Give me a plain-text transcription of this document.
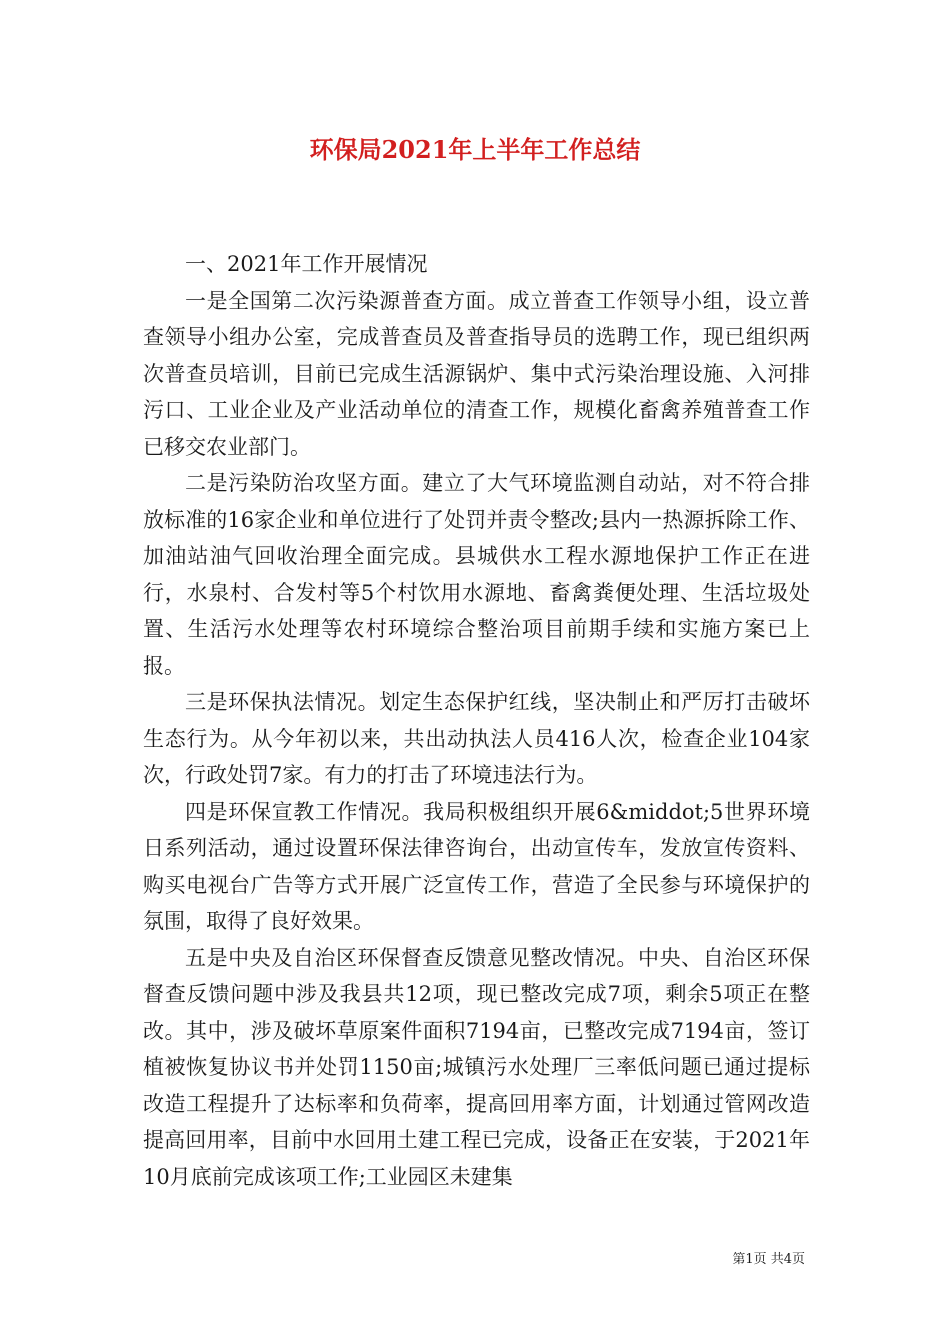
环保局2021年上半年工作总结

一、2021年工作开展情况

一是全国第二次污染源普查方面。成立普查工作领导小组，设立普查领导小组办公室，完成普查员及普查指导员的选聘工作，现已组织两次普查员培训，目前已完成生活源锅炉、集中式污染治理设施、入河排污口、工业企业及产业活动单位的清查工作，规模化畜禽养殖普查工作已移交农业部门。

二是污染防治攻坚方面。建立了大气环境监测自动站，对不符合排放标准的16家企业和单位进行了处罚并责令整改;县内一热源拆除工作、加油站油气回收治理全面完成。县城供水工程水源地保护工作正在进行，水泉村、合发村等5个村饮用水源地、畜禽粪便处理、生活垃圾处置、生活污水处理等农村环境综合整治项目前期手续和实施方案已上报。

三是环保执法情况。划定生态保护红线，坚决制止和严厉打击破坏生态行为。从今年初以来，共出动执法人员416人次，检查企业104家次，行政处罚7家。有力的打击了环境违法行为。

四是环保宣教工作情况。我局积极组织开展6&middot;5世界环境日系列活动，通过设置环保法律咨询台，出动宣传车，发放宣传资料、购买电视台广告等方式开展广泛宣传工作，营造了全民参与环境保护的氛围，取得了良好效果。

五是中央及自治区环保督查反馈意见整改情况。中央、自治区环保督查反馈问题中涉及我县共12项，现已整改完成7项，剩余5项正在整改。其中，涉及破坏草原案件面积7194亩，已整改完成7194亩，签订植被恢复协议书并处罚1150亩;城镇污水处理厂三率低问题已通过提标改造工程提升了达标率和负荷率，提高回用率方面，计划通过管网改造提高回用率，目前中水回用土建工程已完成，设备正在安装，于2021年10月底前完成该项工作;工业园区未建集

第1页 共4页
